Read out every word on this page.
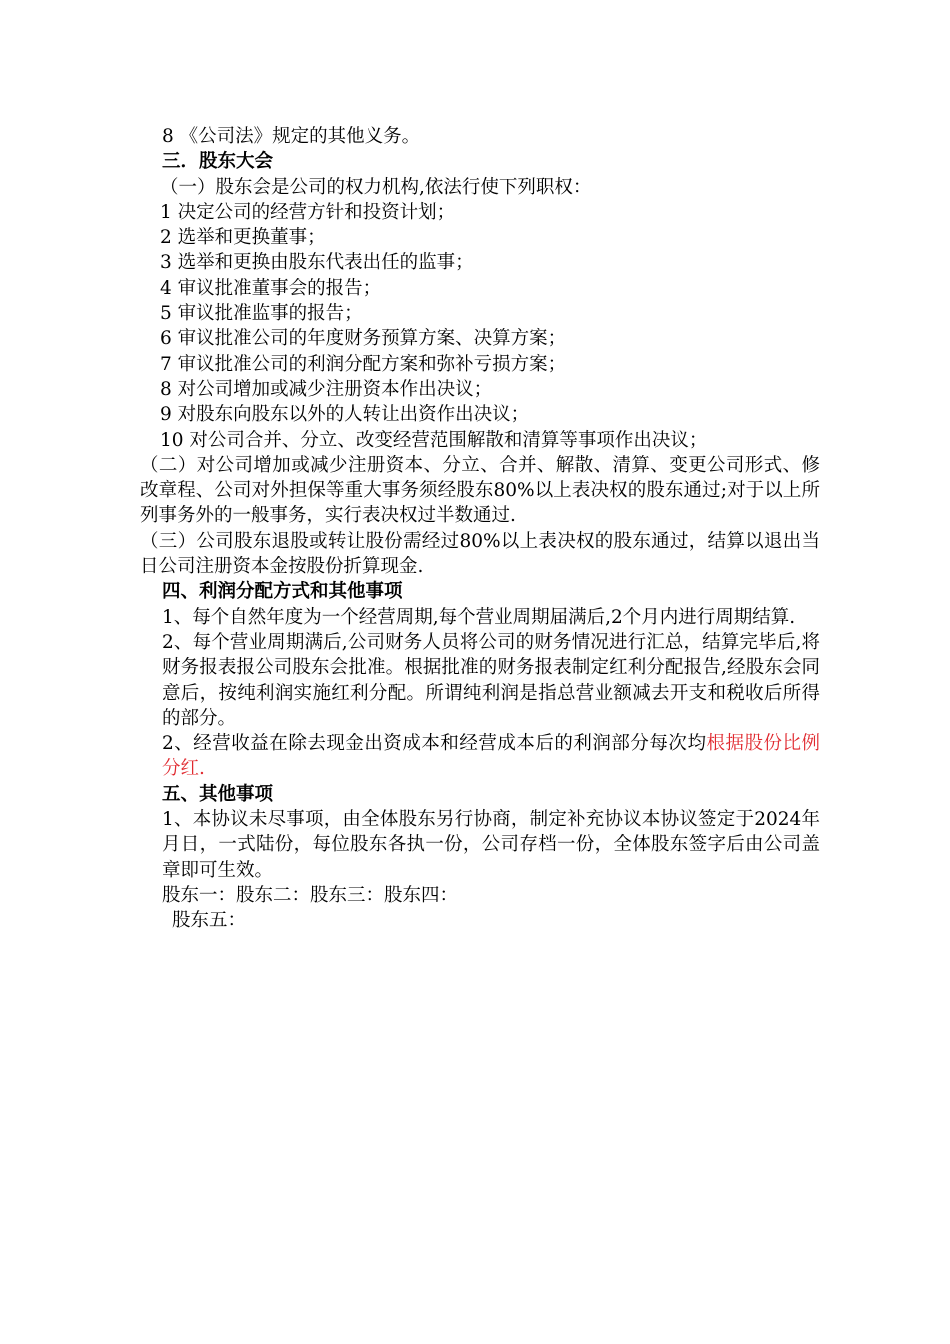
8 《公司法》规定的其他义务。
三．股东大会
（一）股东会是公司的权力机构,依法行使下列职权：
1 决定公司的经营方针和投资计划；
2 选举和更换董事；
3 选举和更换由股东代表出任的监事；
4 审议批准董事会的报告；
5 审议批准监事的报告；
6 审议批准公司的年度财务预算方案、决算方案；
7 审议批准公司的利润分配方案和弥补亏损方案；
8 对公司增加或减少注册资本作出决议；
9 对股东向股东以外的人转让出资作出决议；
10 对公司合并、分立、改变经营范围解散和清算等事项作出决议；
（二）对公司增加或减少注册资本、分立、合并、解散、清算、变更公司形式、修改章程、公司对外担保等重大事务须经股东80%以上表决权的股东通过;对于以上所列事务外的一般事务，实行表决权过半数通过.
（三）公司股东退股或转让股份需经过80%以上表决权的股东通过，结算以退出当日公司注册资本金按股份折算现金.
四、利润分配方式和其他事项
1、每个自然年度为一个经营周期,每个营业周期届满后,2个月内进行周期结算.
2、每个营业周期满后,公司财务人员将公司的财务情况进行汇总，结算完毕后,将财务报表报公司股东会批准。根据批准的财务报表制定红利分配报告,经股东会同意后，按纯利润实施红利分配。所谓纯利润是指总营业额减去开支和税收后所得的部分。
2、经营收益在除去现金出资成本和经营成本后的利润部分每次均根据股份比例分红.
五、其他事项
1、本协议未尽事项，由全体股东另行协商，制定补充协议本协议签定于2024年月日，一式陆份，每位股东各执一份，公司存档一份，全体股东签字后由公司盖章即可生效。
股东一：股东二：股东三：股东四：
股东五：
